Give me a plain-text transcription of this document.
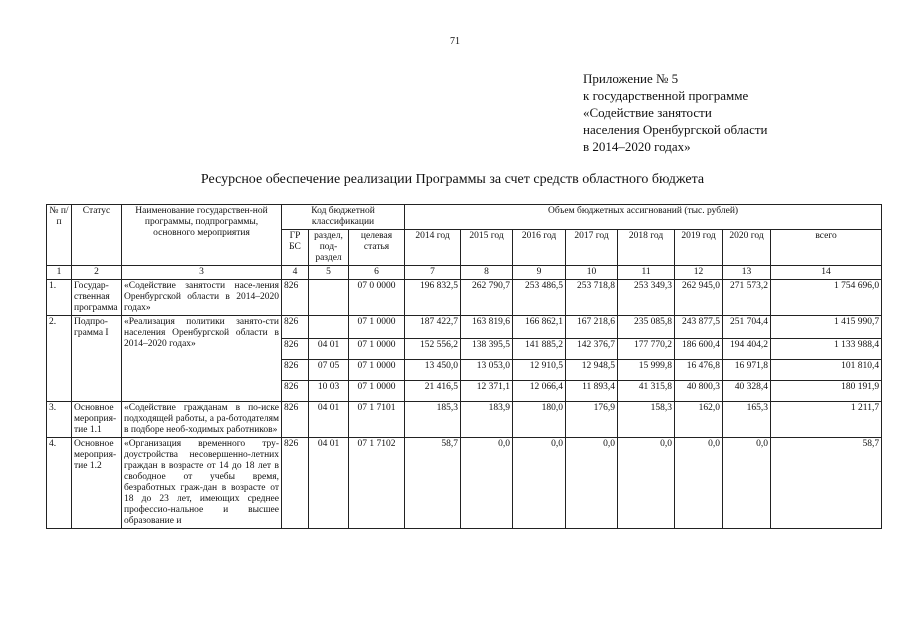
71
Приложение № 5
к государственной программе
«Содействие занятости
населения Оренбургской области
в 2014–2020 годах»
Ресурсное обеспечение реализации Программы за счет средств областного бюджета
№ п/п	Статус	Наименование государствен-ной программы, подпрограммы, основного мероприятия	Код бюджетной классификации			Объем бюджетных ассигнований (тыс. рублей)							
			ГР БС	раздел, под-раздел	целевая статья	2014 год	2015 год	2016 год	2017 год	2018 год	2019 год	2020 год	всего

1	2	3	4	5	6	7	8	9	10	11	12	13	14
1.	Государ-ственная программа	«Содействие занятости насе-ления Оренбургской области в 2014–2020 годах»	826		07 0 0000	196 832,5	262 790,7	253 486,5	253 718,8	253 349,3	262 945,0	271 573,2	1 754 696,0
2.	Подпро-грамма I	«Реализация политики занято-сти населения Оренбургской области в 2014–2020 годах»	826		07 1 0000	187 422,7	163 819,6	166 862,1	167 218,6	235 085,8	243 877,5	251 704,4	1 415 990,7
			826	04 01	07 1 0000	152 556,2	138 395,5	141 885,2	142 376,7	177 770,2	186 600,4	194 404,2	1 133 988,4
			826	07 05	07 1 0000	13 450,0	13 053,0	12 910,5	12 948,5	15 999,8	16 476,8	16 971,8	101 810,4
			826	10 03	07 1 0000	21 416,5	12 371,1	12 066,4	11 893,4	41 315,8	40 800,3	40 328,4	180 191,9
3.	Основное мероприя-тие 1.1	«Содействие гражданам в по-иске подходящей работы, а ра-ботодателям в подборе необ-ходимых работников»	826	04 01	07 1 7101	185,3	183,9	180,0	176,9	158,3	162,0	165,3	1 211,7
4.	Основное мероприя-тие 1.2	«Организация временного тру-доустройства несовершенно-летних граждан в возрасте от 14 до 18 лет в свободное от учебы время, безработных граж-дан в возрасте от 18 до 23 лет, имеющих среднее профессио-нальное и высшее образование и	826	04 01	07 1 7102	58,7	0,0	0,0	0,0	0,0	0,0	0,0	58,7
